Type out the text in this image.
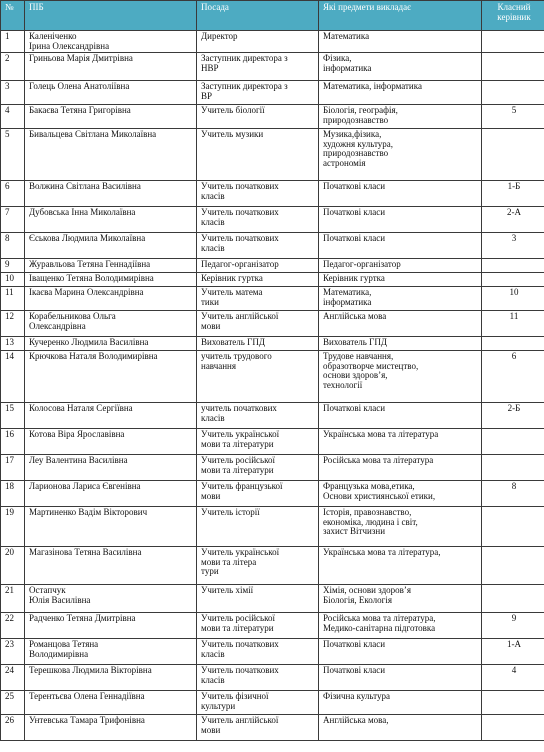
№	ПІБ	Посада	Які предмети викладає	Класний
керівник
1	Каленіченко
Ірина Олександрівна	Директор	Математика	
2	Гриньова Марія Дмитрівна	Заступник директора з
НВР	Фізика,
інформатика	
3	Голець Олена Анатоліївна	Заступник директора з
ВР	Математика, інформатика	
4	Бакаєва Тетяна Григорівна	Учитель біології	Біологія, географія,
природознавство	5
5	Бивальцева Світлана Миколаївна	Учитель музики	Музика,фізика,
художня культура,
природознавство
астрономія	
6	Волжина Світлана Василівна	Учитель початкових
класів	Початкові класи	1-Б
7	Дубовська Інна Миколаївна	Учитель початкових
класів	Початкові класи	2-А
8	Єськова Людмила Миколаївна	Учитель початкових
класів	Початкові класи	3
9	Журавльова Тетяна Геннадіївна	Педагог-організатор	Педагог-організатор	
10	Іващенко Тетяна Володимирівна	Керівник гуртка	Керівник гуртка	
11	Ікаєва Марина Олександрівна	Учитель матема
тики	Математика,
інформатика	10
12	Корабельникова Ольга
Олександрівна	Учитель англійської
мови	Англійська мова	11
13	Кучеренко Людмила Василівна	Вихователь ГПД	Вихователь ГПД	
14	Крючкова Наталя Володимирівна	учитель трудового
навчання	Трудове навчання,
образотворче мистецтво,
основи здоров’я,
технології	6
15	Колосова Наталя Сергіївна	учитель початкових
класів	Початкові класи	2-Б
16	Котова Віра Ярославівна	Учитель української
мови та літератури	Українська мова та література	
17	Леу Валентина Василівна	Учитель російської
мови та літератури	Російська мова та література	
18	Ларионова Лариса Євгенівна	Учитель французької
мови	Французька мова,етика,
Основи християнської етики,	8
19	Мартиненко Вадім Вікторович	Учитель історії	Історія, правознавство,
економіка, людина і світ,
захист Вітчизни	
20	Магазінова Тетяна Василівна	Учитель української
мови та літера
тури	Українська мова та література,	
21	Остапчук
Юлія Василівна	Учитель хімії	Хімія, основи здоров’я
Біологія, Екологія	
22	Радченко Тетяна Дмитрівна	Учитель російської
мови та літератури	Російська мова та література,
Медико-санітарна підготовка	9
23	Романцова Тетяна
Володимирівна	Учитель початкових
класів	Початкові класи	1-А
24	Терешкова Людмила Вікторівна	Учитель початкових
класів	Початкові класи	4
25	Терентьєва Олена Геннадіївна	Учитель фізичної
культури	Фізична культура	
26	Унтевська Тамара Трифонівна	Учитель англійської
мови	Англійська мова,	
